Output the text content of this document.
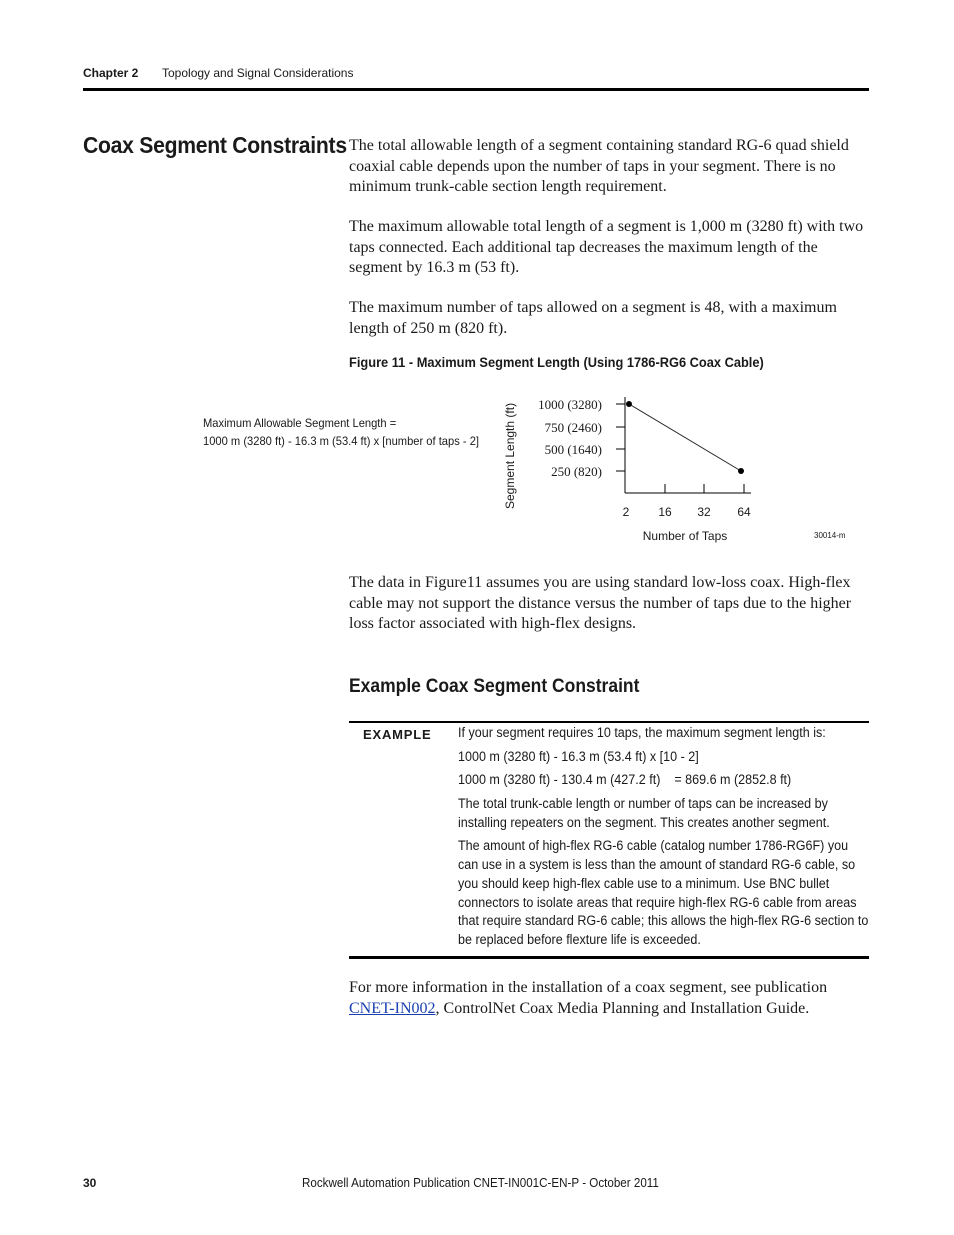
Chapter 2 Topology and Signal Considerations
Coax Segment Constraints The total allowable length of a segment containing standard RG-6 quad shield coaxial cable depends upon the number of taps in your segment. There is no minimum trunk-cable section length requirement.
The maximum allowable total length of a segment is 1,000 m (3280 ft) with two taps connected. Each additional tap decreases the maximum length of the segment by 16.3 m (53 ft).
The maximum number of taps allowed on a segment is 48, with a maximum length of 250 m (820 ft).
Figure 11 - Maximum Segment Length (Using 1786-RG6 Coax Cable)
Maximum Allowable Segment Length =
1000 m (3280 ft) - 16.3 m (53.4 ft) x [number of taps - 2] Segment Length (ft) 1000 (3280)
750 (2460)
500 (1640)
250 (820)
2 16 32 64
Number of Taps	30014-m
The data in Figure11 assumes you are using standard low-loss coax. High-flex cable may not support the distance versus the number of taps due to the higher loss factor associated with high-flex designs.
Example Coax Segment Constraint
EXAMPLE If your segment requires 10 taps, the maximum segment length is:
1000 m (3280 ft) - 16.3 m (53.4 ft) x [10 - 2]
1000 m (3280 ft) - 130.4 m (427.2 ft)    = 869.6 m (2852.8 ft)
The total trunk-cable length or number of taps can be increased by installing repeaters on the segment. This creates another segment.
The amount of high-flex RG-6 cable (catalog number 1786-RG6F) you can use in a system is less than the amount of standard RG-6 cable, so you should keep high-flex cable use to a minimum. Use BNC bullet connectors to isolate areas that require high-flex RG-6 cable from areas that require standard RG-6 cable; this allows the high-flex RG-6 section to be replaced before flexture life is exceeded.
For more information in the installation of a coax segment, see publication CNET-IN002, ControlNet Coax Media Planning and Installation Guide.
30	Rockwell Automation Publication CNET-IN001C-EN-P - October 2011
